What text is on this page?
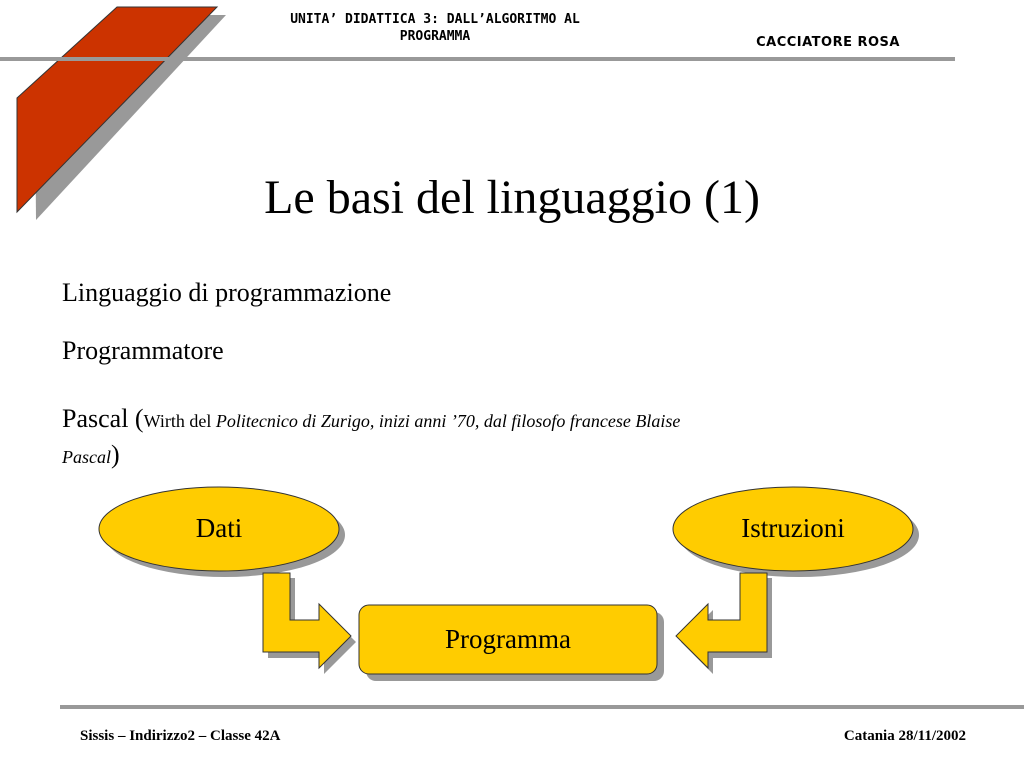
UNITA’ DIDATTICA 3: DALL’ALGORITMO AL
PROGRAMMA	CACCIATORE ROSA
Le basi del linguaggio (1)
Linguaggio di programmazione
Programmatore
Pascal (Wirth del Politecnico di Zurigo, inizi anni ’70, dal filosofo francese Blaise
Pascal)
Dati	Istruzioni
Programma
Sissis – Indirizzo2 – Classe 42A	Catania 28/11/2002
